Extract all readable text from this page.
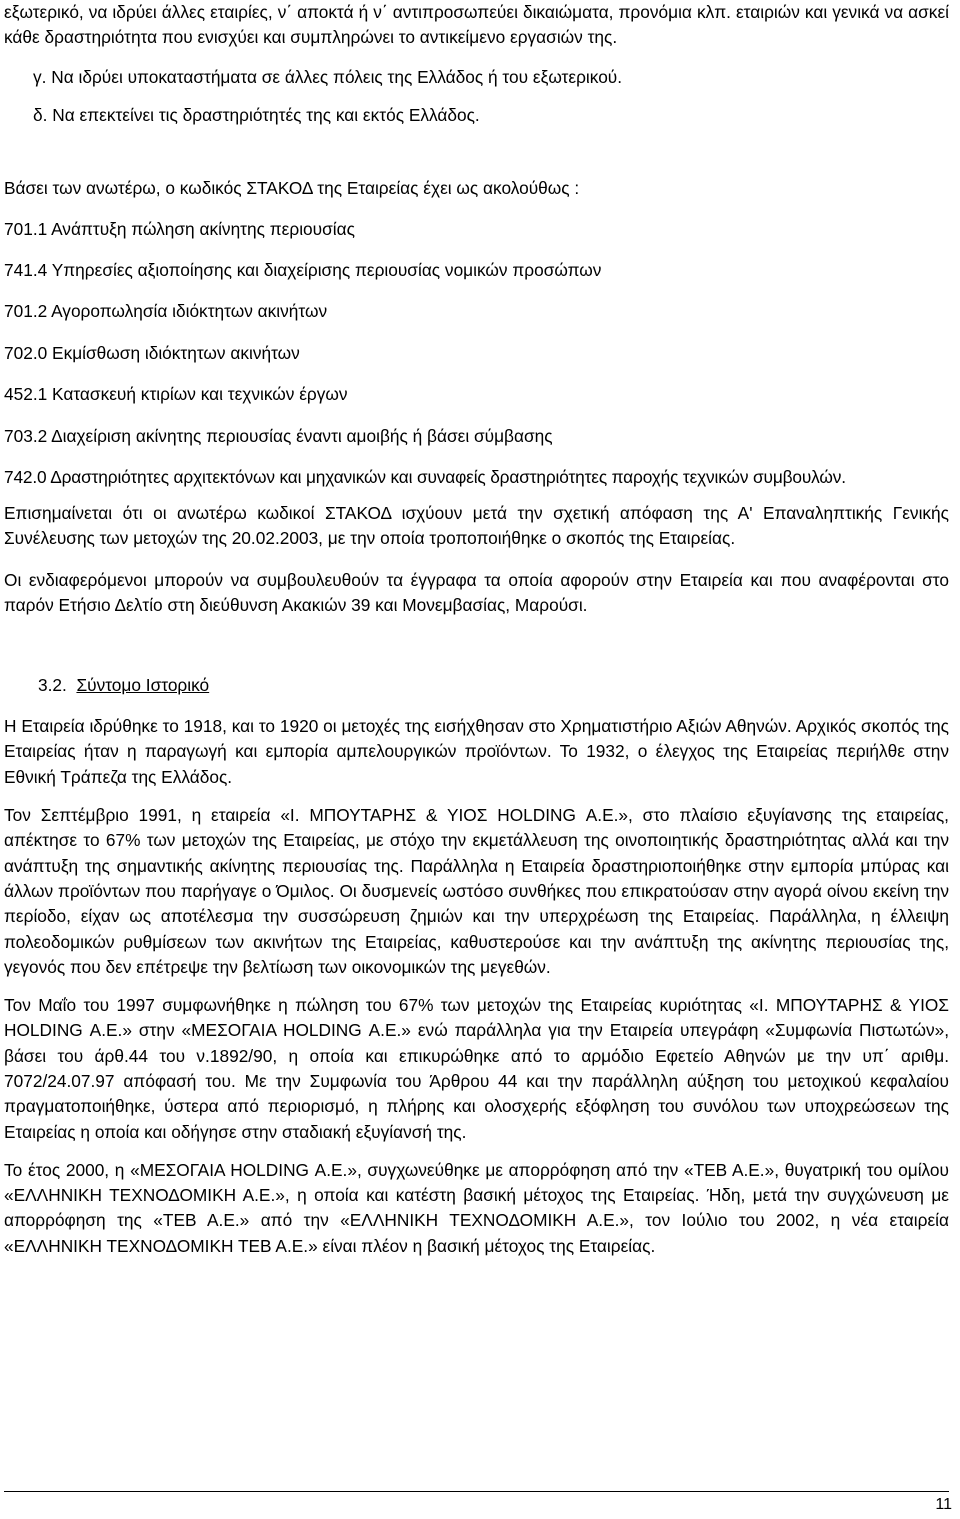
εξωτερικό, να ιδρύει άλλες εταιρίες, ν΄ αποκτά ή ν΄ αντιπροσωπεύει δικαιώματα, προνόμια κλπ. εταιριών και γενικά να ασκεί κάθε δραστηριότητα που ενισχύει και συμπληρώνει το αντικείμενο εργασιών της.

γ. Να ιδρύει υποκαταστήματα σε άλλες πόλεις της Ελλάδος ή του εξωτερικού.

δ. Να επεκτείνει τις δραστηριότητές της και εκτός Ελλάδος.

Βάσει των ανωτέρω, ο κωδικός ΣΤΑΚΟΔ της Εταιρείας έχει ως ακολούθως :

701.1 Ανάπτυξη πώληση ακίνητης περιουσίας

741.4 Υπηρεσίες αξιοποίησης και διαχείρισης περιουσίας νομικών προσώπων

701.2 Αγοροπωλησία ιδιόκτητων ακινήτων

702.0 Εκμίσθωση ιδιόκτητων ακινήτων

452.1 Κατασκευή κτιρίων και τεχνικών έργων

703.2 Διαχείριση ακίνητης περιουσίας έναντι αμοιβής ή βάσει σύμβασης

742.0 Δραστηριότητες αρχιτεκτόνων και μηχανικών και συναφείς δραστηριότητες παροχής τεχνικών συμβουλών.

Επισημαίνεται ότι οι ανωτέρω κωδικοί ΣΤΑΚΟΔ ισχύουν μετά την σχετική απόφαση της Α' Επαναληπτικής Γενικής Συνέλευσης των μετοχών της 20.02.2003, με την οποία τροποποιήθηκε ο σκοπός της Εταιρείας.

Οι ενδιαφερόμενοι μπορούν να συμβουλευθούν τα έγγραφα τα οποία αφορούν στην Εταιρεία και που αναφέρονται στο παρόν Ετήσιο Δελτίο στη διεύθυνση Ακακιών 39 και Μονεμβασίας, Μαρούσι.

3.2. Σύντομο Ιστορικό

Η Εταιρεία ιδρύθηκε το 1918, και το 1920 οι μετοχές της εισήχθησαν στο Χρηματιστήριο Αξιών Αθηνών. Αρχικός σκοπός της Εταιρείας ήταν η παραγωγή και εμπορία αμπελουργικών προϊόντων. Το 1932, ο έλεγχος της Εταιρείας περιήλθε στην Εθνική Τράπεζα της Ελλάδος.

Τον Σεπτέμβριο 1991, η εταιρεία «Ι. ΜΠΟΥΤΑΡΗΣ & ΥΙΟΣ HOLDING Α.Ε.», στο πλαίσιο εξυγίανσης της εταιρείας, απέκτησε το 67% των μετοχών της Εταιρείας, με στόχο την εκμετάλλευση της οινοποιητικής δραστηριότητας αλλά και την ανάπτυξη της σημαντικής ακίνητης περιουσίας της. Παράλληλα η Εταιρεία δραστηριοποιήθηκε στην εμπορία μπύρας και άλλων προϊόντων που παρήγαγε ο Όμιλος. Οι δυσμενείς ωστόσο συνθήκες που επικρατούσαν στην αγορά οίνου εκείνη την περίοδο, είχαν ως αποτέλεσμα την συσσώρευση ζημιών και την υπερχρέωση της Εταιρείας. Παράλληλα, η έλλειψη πολεοδομικών ρυθμίσεων των ακινήτων της Εταιρείας, καθυστερούσε και την ανάπτυξη της ακίνητης περιουσίας της, γεγονός που δεν επέτρεψε την βελτίωση των οικονομικών της μεγεθών.

Τον Μαΐο του 1997 συμφωνήθηκε η πώληση του 67% των μετοχών της Εταιρείας κυριότητας «Ι. ΜΠΟΥΤΑΡΗΣ & ΥΙΟΣ HOLDING Α.Ε.» στην «ΜΕΣΟΓΑΙΑ HOLDING Α.Ε.» ενώ παράλληλα για την Εταιρεία υπεγράφη «Συμφωνία Πιστωτών», βάσει του άρθ.44 του ν.1892/90, η οποία και επικυρώθηκε από το αρμόδιο Εφετείο Αθηνών με την υπ΄ αριθμ. 7072/24.07.97 απόφασή του. Με την Συμφωνία του Άρθρου 44 και την παράλληλη αύξηση του μετοχικού κεφαλαίου πραγματοποιήθηκε, ύστερα από περιορισμό, η πλήρης και ολοσχερής εξόφληση του συνόλου των υποχρεώσεων της Εταιρείας η οποία και οδήγησε στην σταδιακή εξυγίανσή της.

Το έτος 2000, η «ΜΕΣΟΓΑΙΑ HOLDING Α.Ε.», συγχωνεύθηκε με απορρόφηση από την «ΤΕΒ Α.Ε.», θυγατρική του ομίλου «ΕΛΛΗΝΙΚΗ ΤΕΧΝΟΔΟΜΙΚΗ Α.Ε.», η οποία και κατέστη βασική μέτοχος της Εταιρείας. Ήδη, μετά την συγχώνευση με απορρόφηση της «ΤΕΒ Α.Ε.» από την «ΕΛΛΗΝΙΚΗ ΤΕΧΝΟΔΟΜΙΚΗ Α.Ε.», τον Ιούλιο του 2002, η νέα εταιρεία «ΕΛΛΗΝΙΚΗ ΤΕΧΝΟΔΟΜΙΚΗ ΤΕΒ Α.Ε.» είναι πλέον η βασική μέτοχος της Εταιρείας.

11
